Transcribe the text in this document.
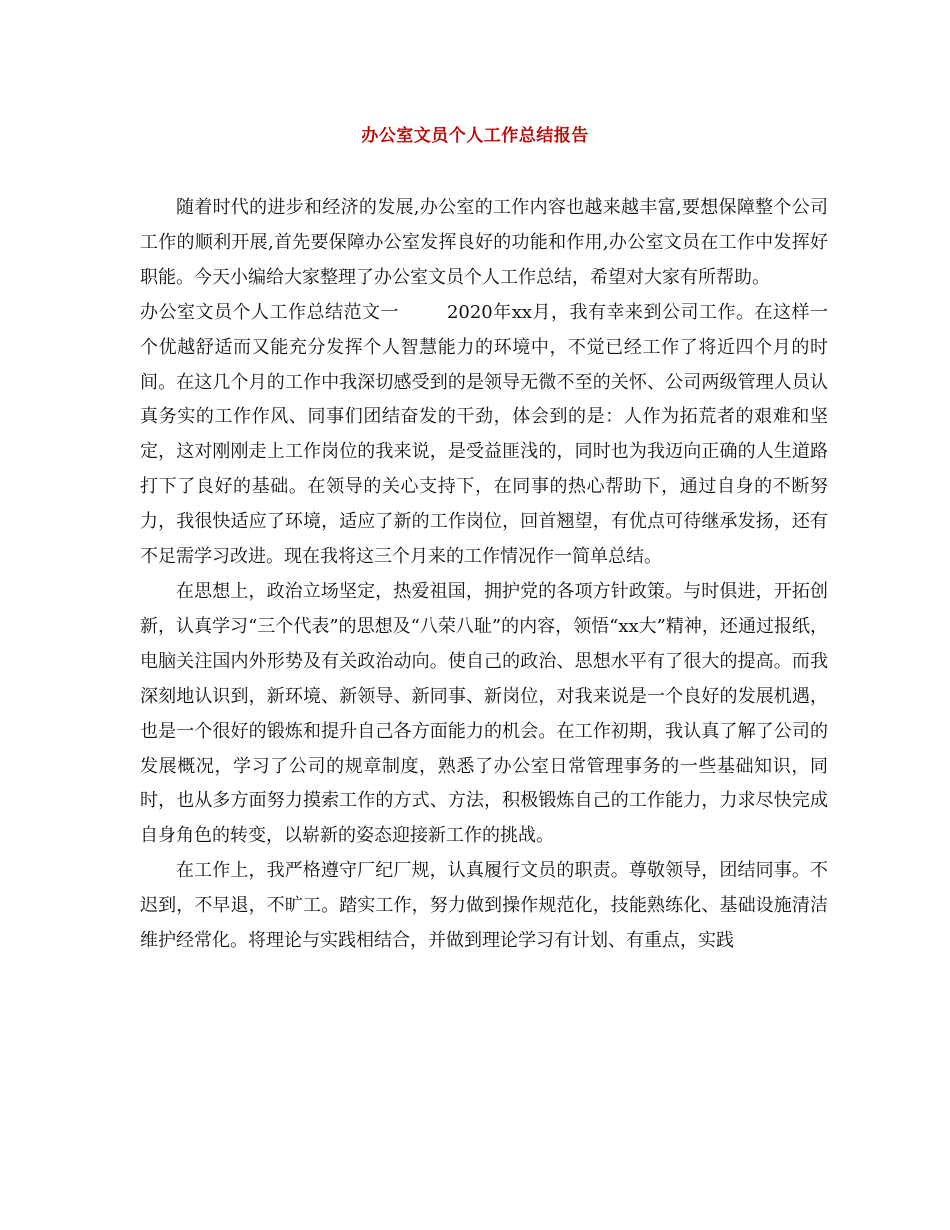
办公室文员个人工作总结报告

随着时代的进步和经济的发展,办公室的工作内容也越来越丰富,要想保障整个公司工作的顺利开展,首先要保障办公室发挥良好的功能和作用,办公室文员在工作中发挥好职能。今天小编给大家整理了办公室文员个人工作总结，希望对大家有所帮助。

办公室文员个人工作总结范文一	2020年xx月，我有幸来到公司工作。在这样一个优越舒适而又能充分发挥个人智慧能力的环境中，不觉已经工作了将近四个月的时间。在这几个月的工作中我深切感受到的是领导无微不至的关怀、公司两级管理人员认真务实的工作作风、同事们团结奋发的干劲，体会到的是：人作为拓荒者的艰难和坚定，这对刚刚走上工作岗位的我来说，是受益匪浅的，同时也为我迈向正确的人生道路打下了良好的基础。在领导的关心支持下，在同事的热心帮助下，通过自身的不断努力，我很快适应了环境，适应了新的工作岗位，回首翘望，有优点可待继承发扬，还有不足需学习改进。现在我将这三个月来的工作情况作一简单总结。

在思想上，政治立场坚定，热爱祖国，拥护党的各项方针政策。与时俱进，开拓创新，认真学习“三个代表”的思想及“八荣八耻”的内容，领悟“xx大”精神，还通过报纸，电脑关注国内外形势及有关政治动向。使自己的政治、思想水平有了很大的提高。而我深刻地认识到，新环境、新领导、新同事、新岗位，对我来说是一个良好的发展机遇，也是一个很好的锻炼和提升自己各方面能力的机会。在工作初期，我认真了解了公司的发展概况，学习了公司的规章制度，熟悉了办公室日常管理事务的一些基础知识，同时，也从多方面努力摸索工作的方式、方法，积极锻炼自己的工作能力，力求尽快完成自身角色的转变，以崭新的姿态迎接新工作的挑战。

在工作上，我严格遵守厂纪厂规，认真履行文员的职责。尊敬领导，团结同事。不迟到，不早退，不旷工。踏实工作，努力做到操作规范化，技能熟练化、基础设施清洁维护经常化。将理论与实践相结合，并做到理论学习有计划、有重点，实践
